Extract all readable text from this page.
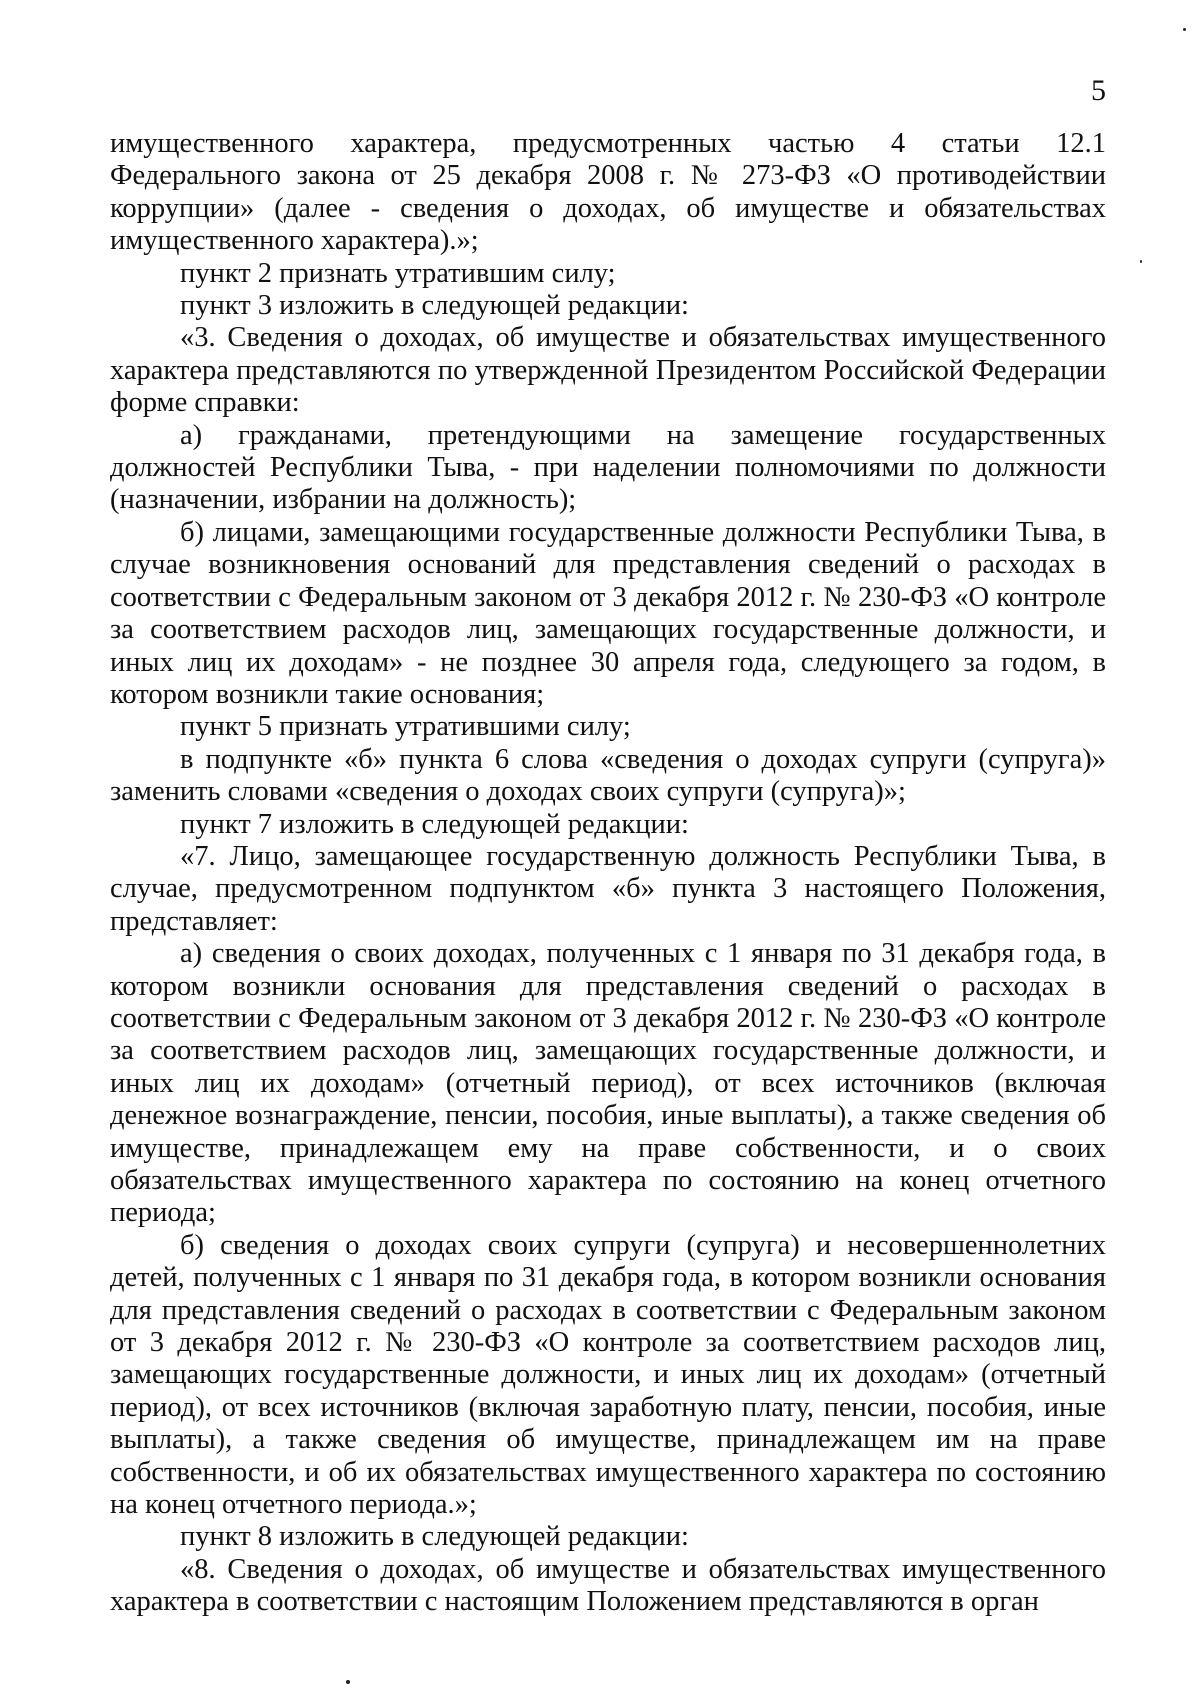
5

имущественного характера, предусмотренных частью 4 статьи 12.1 Федерального закона от 25 декабря 2008 г. № 273-ФЗ «О противодействии коррупции» (далее - сведения о доходах, об имуществе и обязательствах имущественного характера).»;

пункт 2 признать утратившим силу;

пункт 3 изложить в следующей редакции:

«3. Сведения о доходах, об имуществе и обязательствах имущественного характера представляются по утвержденной Президентом Российской Федерации форме справки:

а) гражданами, претендующими на замещение государственных должностей Республики Тыва, - при наделении полномочиями по должности (назначении, избрании на должность);

б) лицами, замещающими государственные должности Республики Тыва, в случае возникновения оснований для представления сведений о расходах в соответствии с Федеральным законом от 3 декабря 2012 г. № 230-ФЗ «О контроле за соответствием расходов лиц, замещающих государственные должности, и иных лиц их доходам» - не позднее 30 апреля года, следующего за годом, в котором возникли такие основания;

пункт 5 признать утратившими силу;

в подпункте «б» пункта 6 слова «сведения о доходах супруги (супруга)» заменить словами «сведения о доходах своих супруги (супруга)»;

пункт 7 изложить в следующей редакции:

«7. Лицо, замещающее государственную должность Республики Тыва, в случае, предусмотренном подпунктом «б» пункта 3 настоящего Положения, представляет:

а) сведения о своих доходах, полученных с 1 января по 31 декабря года, в котором возникли основания для представления сведений о расходах в соответствии с Федеральным законом от 3 декабря 2012 г. № 230-ФЗ «О контроле за соответствием расходов лиц, замещающих государственные должности, и иных лиц их доходам» (отчетный период), от всех источников (включая денежное вознаграждение, пенсии, пособия, иные выплаты), а также сведения об имуществе, принадлежащем ему на праве собственности, и о своих обязательствах имущественного характера по состоянию на конец отчетного периода;

б) сведения о доходах своих супруги (супруга) и несовершеннолетних детей, полученных с 1 января по 31 декабря года, в котором возникли основания для представления сведений о расходах в соответствии с Федеральным законом от 3 декабря 2012 г. № 230-ФЗ «О контроле за соответствием расходов лиц, замещающих государственные должности, и иных лиц их доходам» (отчетный период), от всех источников (включая заработную плату, пенсии, пособия, иные выплаты), а также сведения об имуществе, принадлежащем им на праве собственности, и об их обязательствах имущественного характера по состоянию на конец отчетного периода.»;

пункт 8 изложить в следующей редакции:

«8. Сведения о доходах, об имуществе и обязательствах имущественного характера в соответствии с настоящим Положением представляются в орган
